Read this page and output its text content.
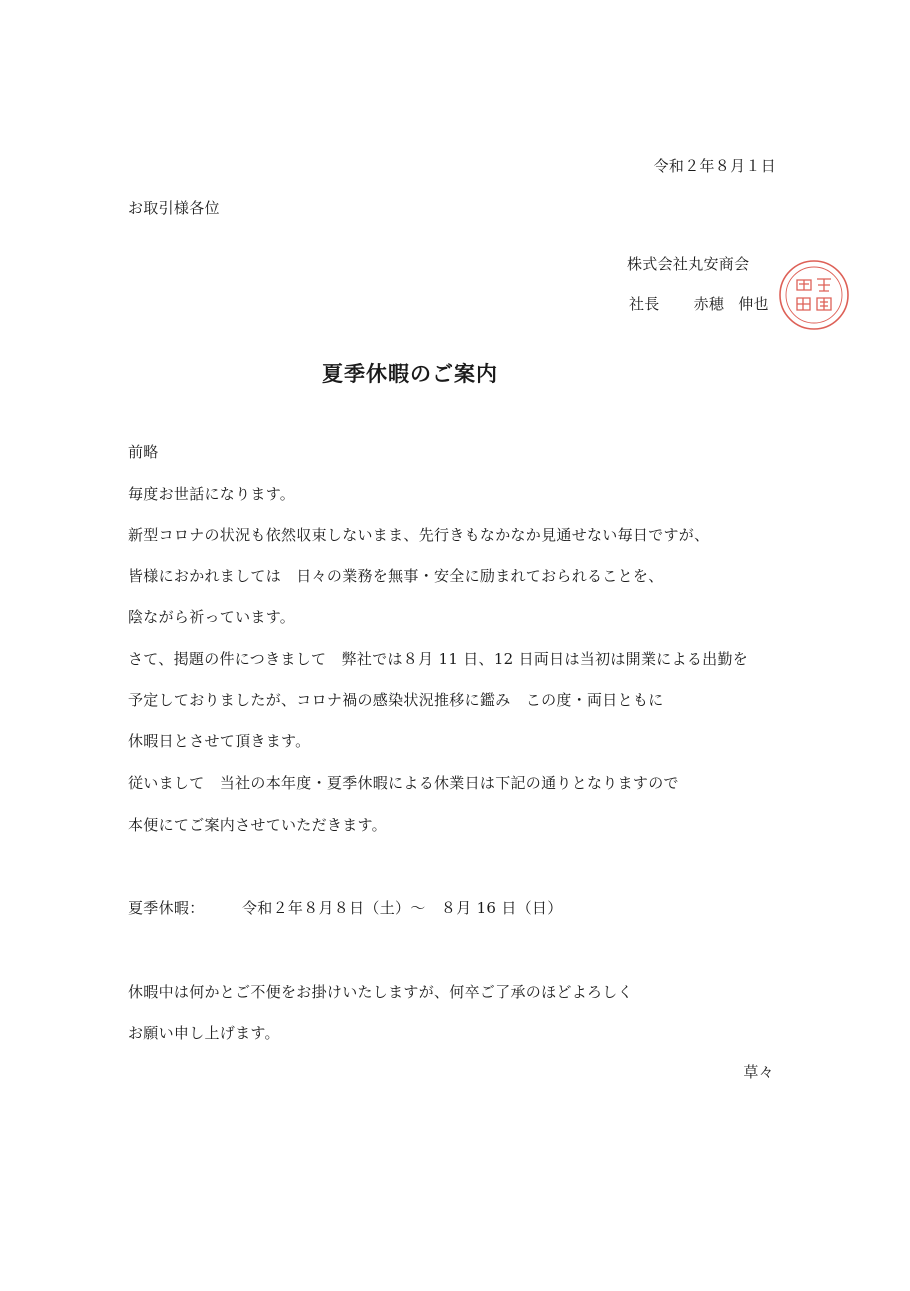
令和２年８月１日
お取引様各位
株式会社丸安商会
社長 赤穂 伸也
夏季休暇のご案内
前略
毎度お世話になります。
新型コロナの状況も依然収束しないまま、先行きもなかなか見通せない毎日ですが、
皆様におかれましては　日々の業務を無事・安全に励まれておられることを、
陰ながら祈っています。
さて、掲題の件につきまして　弊社では８月 11 日、12 日両日は当初は開業による出勤を
予定しておりましたが、コロナ禍の感染状況推移に鑑み　この度・両日ともに
休暇日とさせて頂きます。
従いまして　当社の本年度・夏季休暇による休業日は下記の通りとなりますので
本便にてご案内させていただきます。
夏季休暇： 令和２年８月８日（土）～　８月 16 日（日）
休暇中は何かとご不便をお掛けいたしますが、何卒ご了承のほどよろしく
お願い申し上げます。
草々
